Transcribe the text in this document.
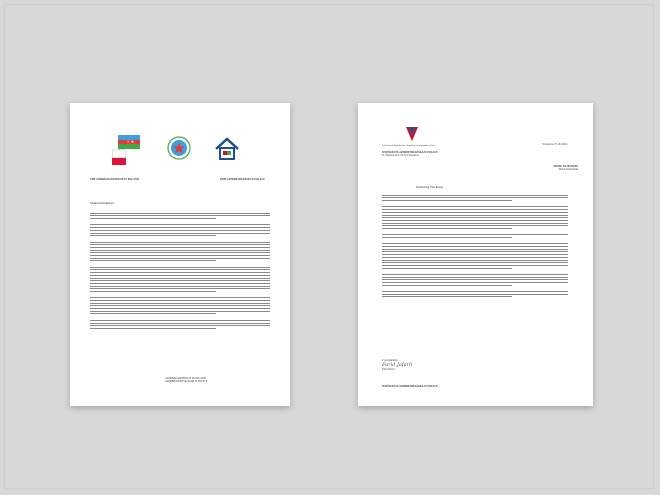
☾★
THE AZERBAIJANI HOUSE IN POLAND	DOM AZERBEJDŻAŃSKI W POLSCE
Szanowni Państwo
AZERBAIJANI HOUSE IN POLAND
AZERBEJDŻAŃSKI DOM W POLSCE
Polsko-Azerbejdżańska Izba / Wspólnota Azerbejdżańska w Polsce	Warszawa, 07.10.2020 r.
WSPÓLNOTA AZERBEJDŻAŃSKA W POLSCE
ul. Żurawia 24/3, 00-515 Warszawa
POSEŁ NA SEJM RP
Marek Kuchciński
Szanowny Pan Poseł,
Z poważaniem,
Farid Jafarli
Farid Jafarli
WSPÓLNOTA AZERBEJDŻAŃSKA W POLSCE
